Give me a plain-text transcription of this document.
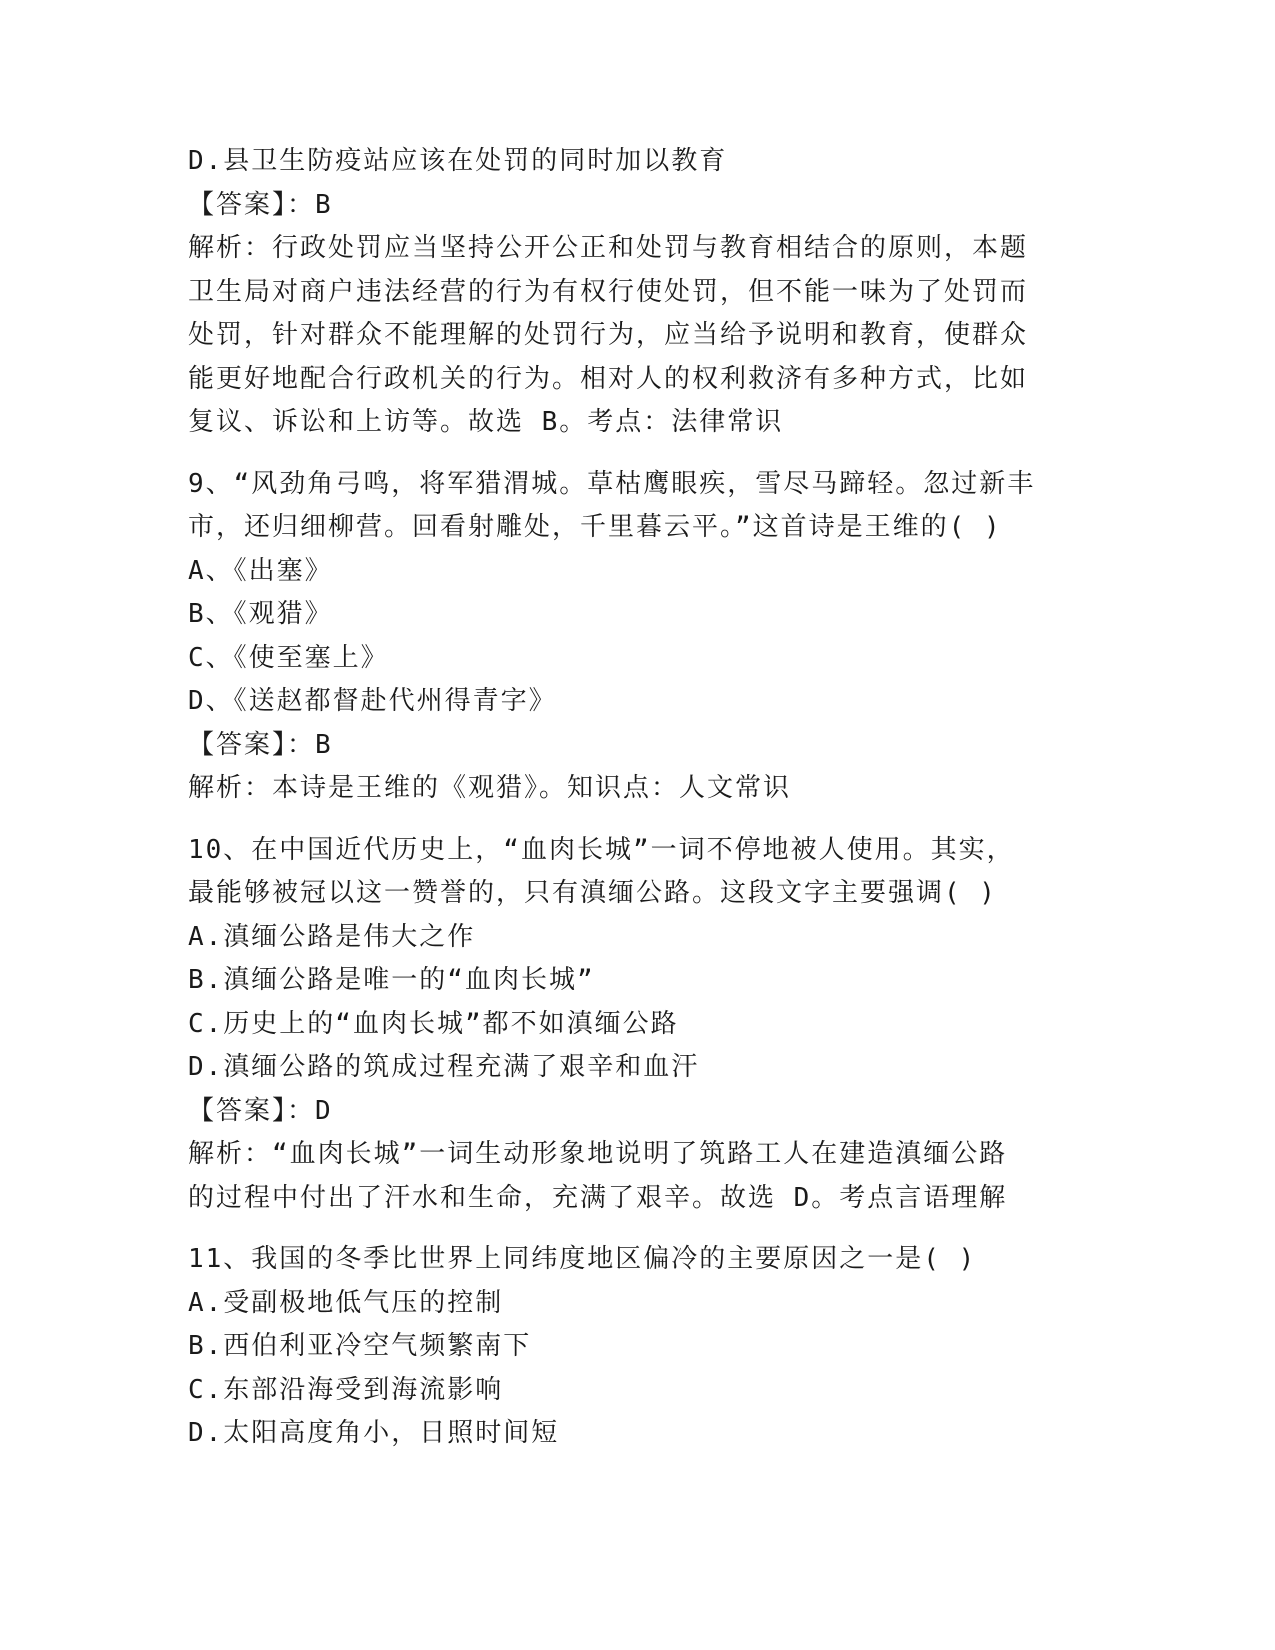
D.县卫生防疫站应该在处罚的同时加以教育
【答案】：B
解析：行政处罚应当坚持公开公正和处罚与教育相结合的原则，本题
卫生局对商户违法经营的行为有权行使处罚，但不能一味为了处罚而
处罚，针对群众不能理解的处罚行为，应当给予说明和教育，使群众
能更好地配合行政机关的行为。相对人的权利救济有多种方式，比如
复议、诉讼和上访等。故选 B。考点：法律常识
9、“风劲角弓鸣，将军猎渭城。草枯鹰眼疾，雪尽马蹄轻。忽过新丰
市，还归细柳营。回看射雕处，千里暮云平。”这首诗是王维的( )
A、《出塞》
B、《观猎》
C、《使至塞上》
D、《送赵都督赴代州得青字》
【答案】：B
解析：本诗是王维的《观猎》。知识点：人文常识
10、在中国近代历史上，“血肉长城”一词不停地被人使用。其实，
最能够被冠以这一赞誉的，只有滇缅公路。这段文字主要强调( )
A.滇缅公路是伟大之作
B.滇缅公路是唯一的“血肉长城”
C.历史上的“血肉长城”都不如滇缅公路
D.滇缅公路的筑成过程充满了艰辛和血汗
【答案】：D
解析：“血肉长城”一词生动形象地说明了筑路工人在建造滇缅公路
的过程中付出了汗水和生命，充满了艰辛。故选 D。考点言语理解
11、我国的冬季比世界上同纬度地区偏冷的主要原因之一是( )
A.受副极地低气压的控制
B.西伯利亚冷空气频繁南下
C.东部沿海受到海流影响
D.太阳高度角小，日照时间短
